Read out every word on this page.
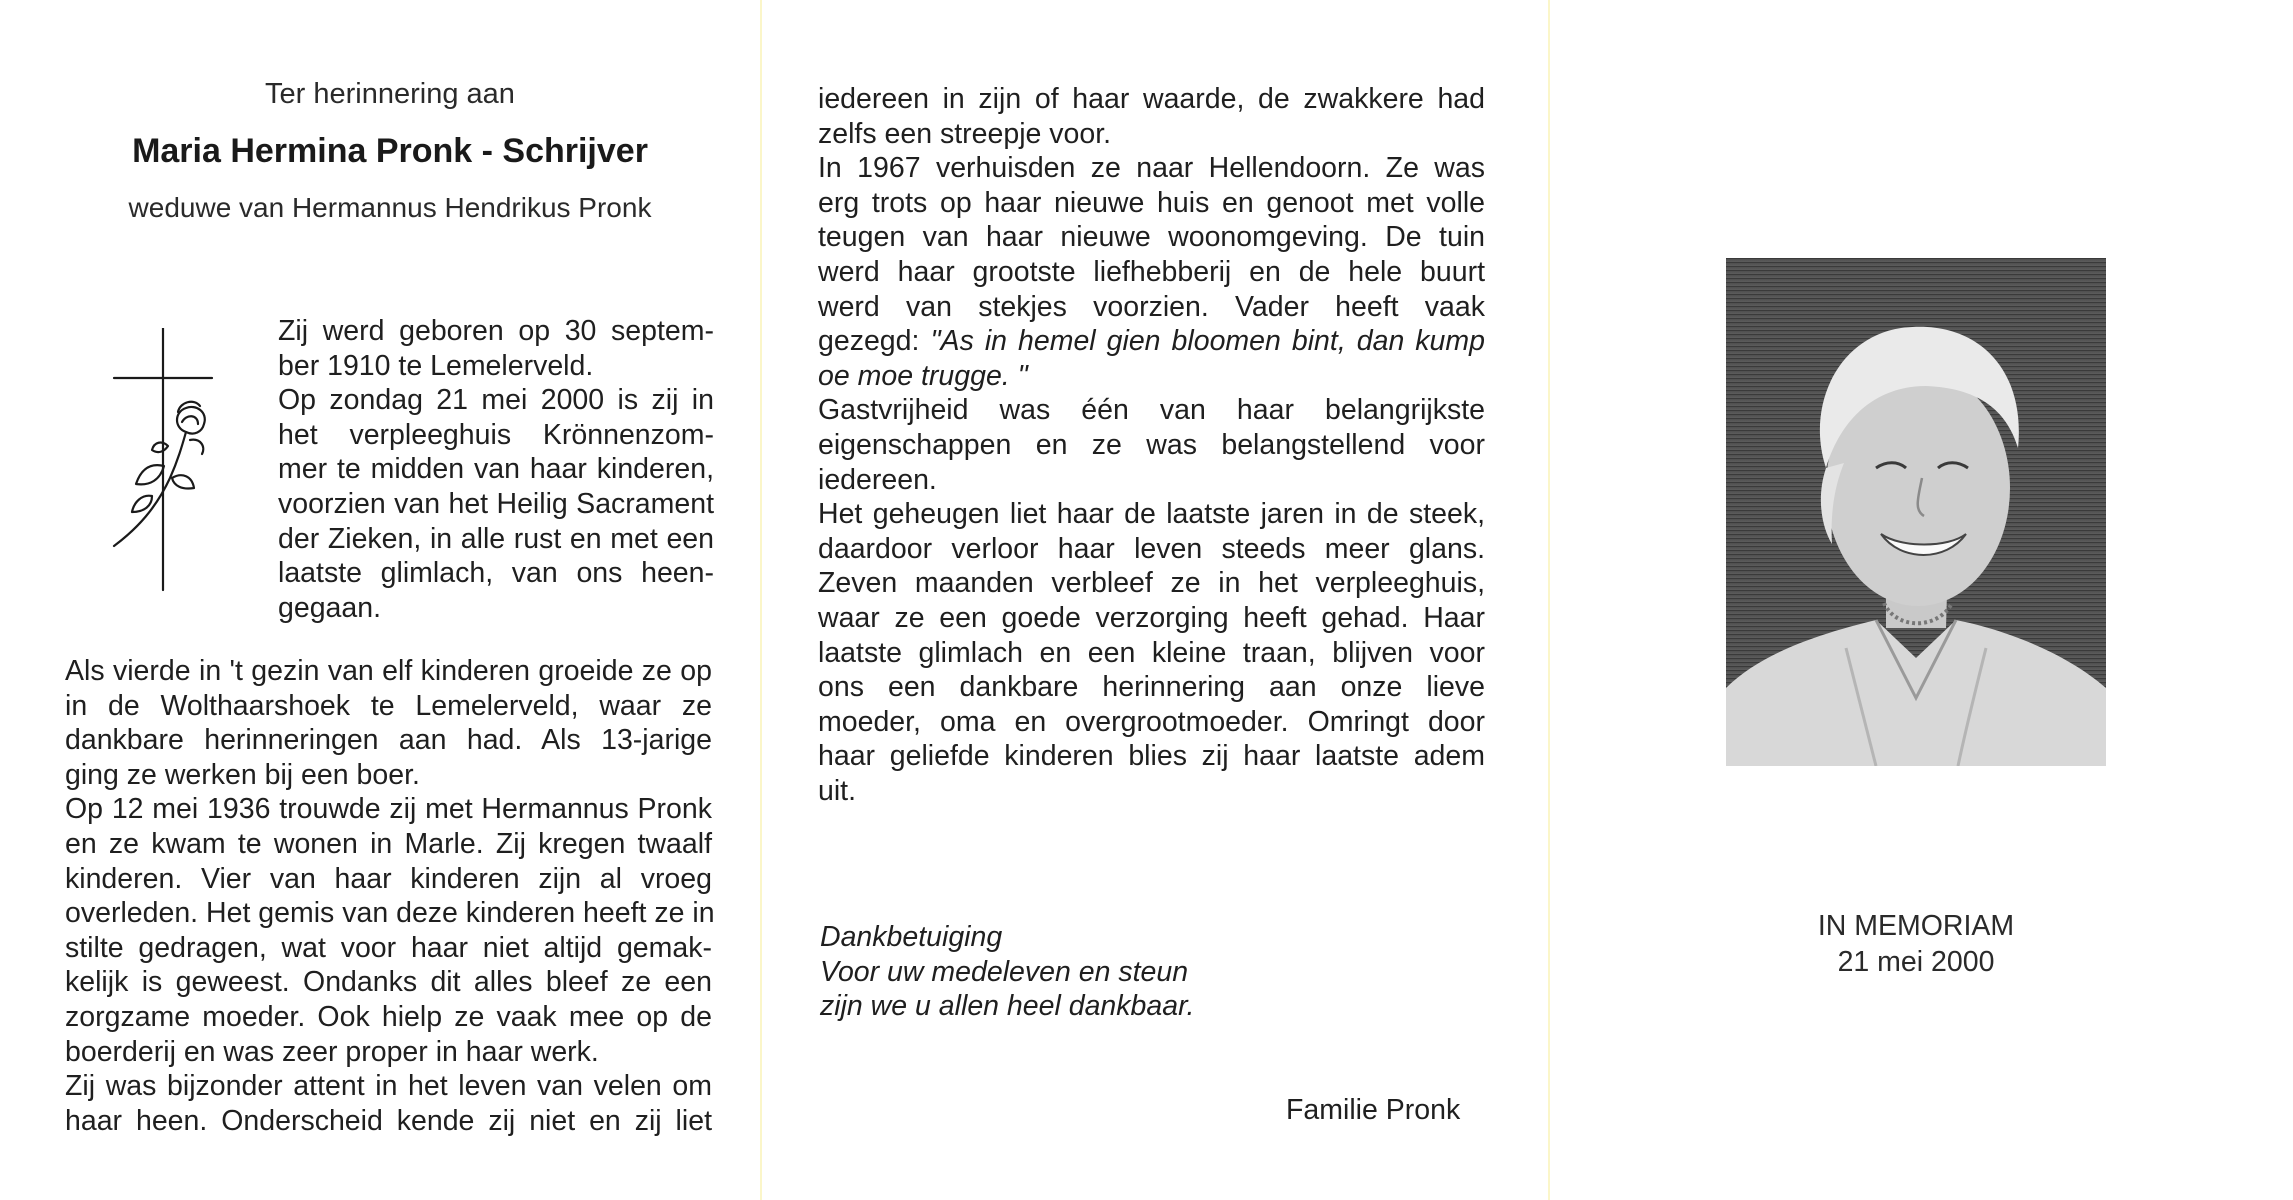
Ter herinnering aan
Maria Hermina Pronk - Schrijver
weduwe van Hermannus Hendrikus Pronk
Zij werd geboren op 30 septem-
ber 1910 te Lemelerveld.
Op zondag 21 mei 2000 is zij in
het verpleeghuis Krönnenzom-
mer te midden van haar kinderen,
voorzien van het Heilig Sacrament
der Zieken, in alle rust en met een
laatste glimlach, van ons heen-
gegaan.
Als vierde in 't gezin van elf kinderen groeide ze op
in de Wolthaarshoek te Lemelerveld, waar ze
dankbare herinneringen aan had. Als 13-jarige
ging ze werken bij een boer.
Op 12 mei 1936 trouwde zij met Hermannus Pronk
en ze kwam te wonen in Marle. Zij kregen twaalf
kinderen. Vier van haar kinderen zijn al vroeg
overleden. Het gemis van deze kinderen heeft ze in
stilte gedragen, wat voor haar niet altijd gemak-
kelijk is geweest. Ondanks dit alles bleef ze een
zorgzame moeder. Ook hielp ze vaak mee op de
boerderij en was zeer proper in haar werk.
Zij was bijzonder attent in het leven van velen om
haar heen. Onderscheid kende zij niet en zij liet
iedereen in zijn of haar waarde, de zwakkere had
zelfs een streepje voor.
In 1967 verhuisden ze naar Hellendoorn. Ze was
erg trots op haar nieuwe huis en genoot met volle
teugen van haar nieuwe woonomgeving. De tuin
werd haar grootste liefhebberij en de hele buurt
werd van stekjes voorzien. Vader heeft vaak
gezegd: "As in hemel gien bloomen bint, dan kump
oe moe trugge. "
Gastvrijheid was één van haar belangrijkste
eigenschappen en ze was belangstellend voor
iedereen.
Het geheugen liet haar de laatste jaren in de steek,
daardoor verloor haar leven steeds meer glans.
Zeven maanden verbleef ze in het verpleeghuis,
waar ze een goede verzorging heeft gehad. Haar
laatste glimlach en een kleine traan, blijven voor
ons een dankbare herinnering aan onze lieve
moeder, oma en overgrootmoeder. Omringt door
haar geliefde kinderen blies zij haar laatste adem
uit.
Dankbetuiging
Voor uw medeleven en steun
zijn we u allen heel dankbaar.
Familie Pronk
IN MEMORIAM
21 mei 2000
